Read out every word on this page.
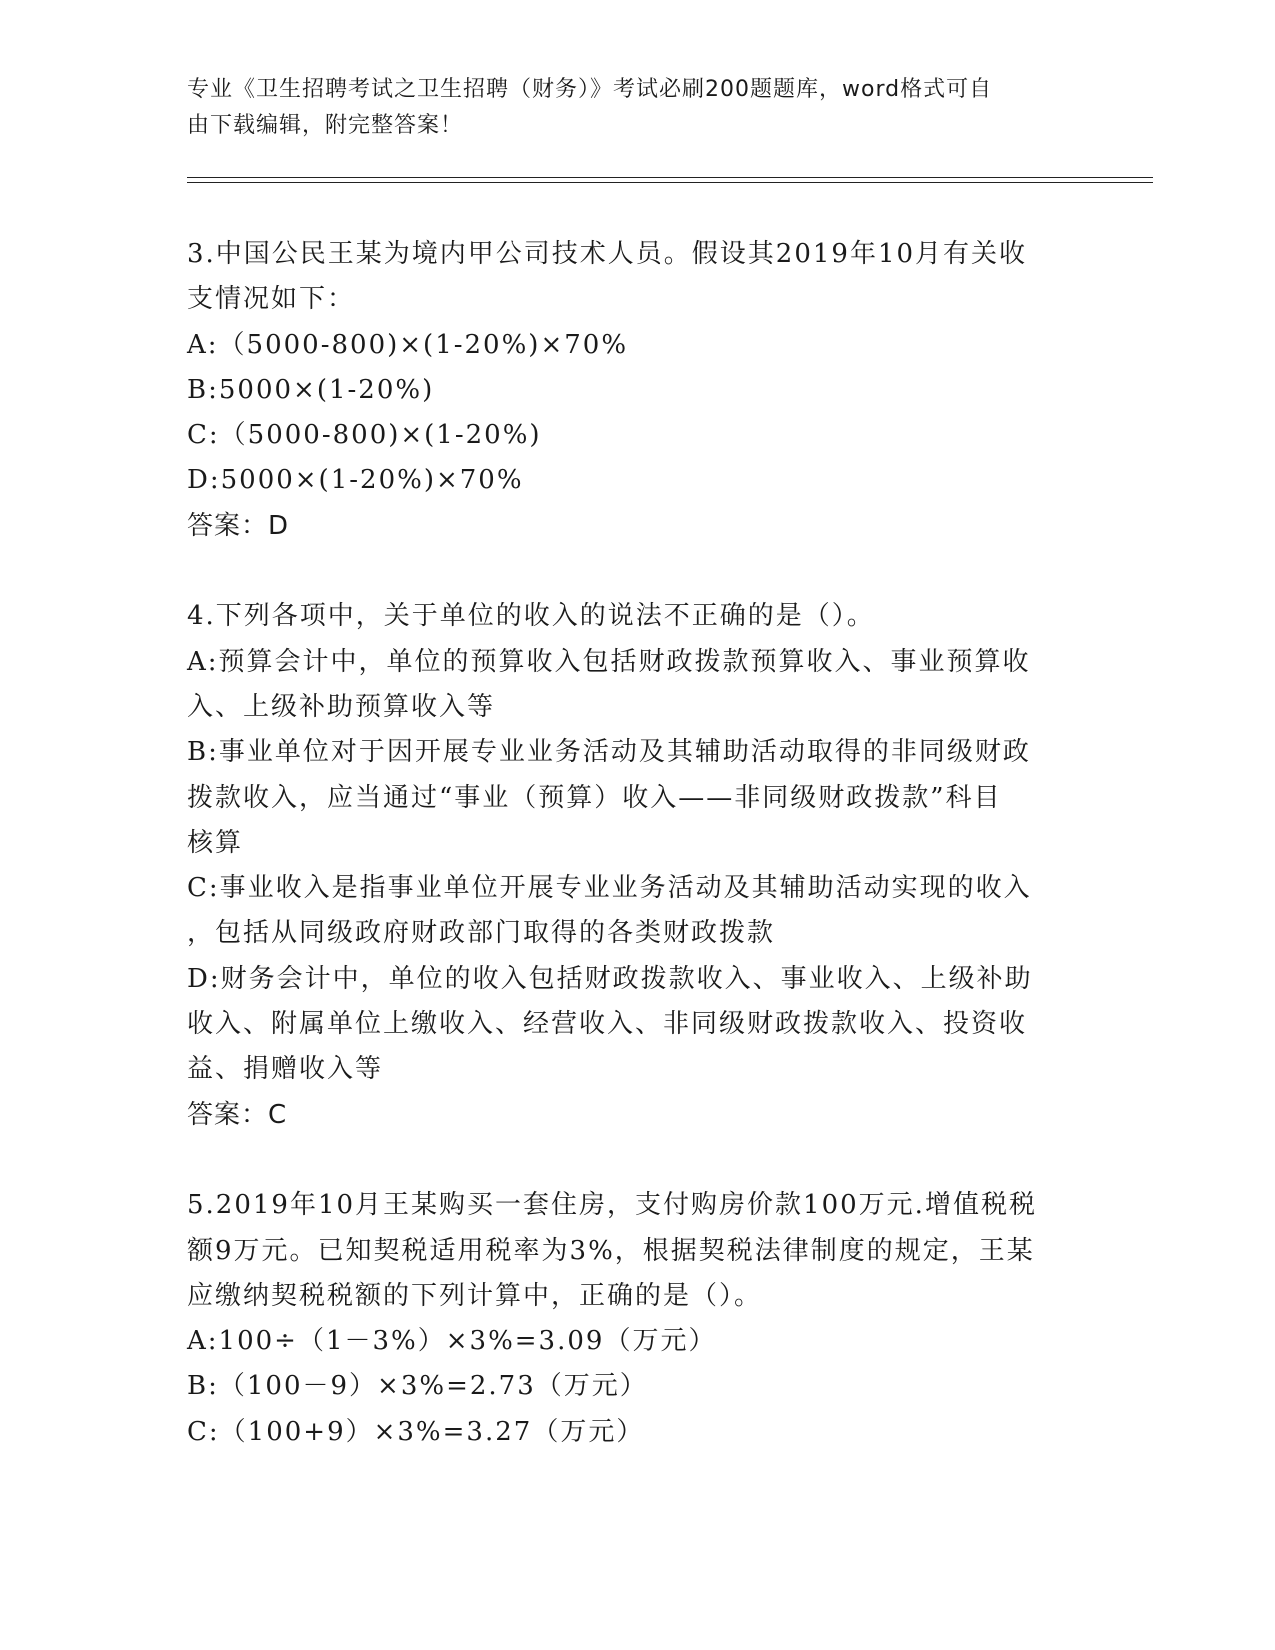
专业《卫生招聘考试之卫生招聘（财务）》考试必刷200题题库，word格式可自
由下载编辑，附完整答案！
3.中国公民王某为境内甲公司技术人员。假设其2019年10月有关收
支情况如下：
A:（5000-800)×(1-20%)×70%
B:5000×(1-20%)
C:（5000-800)×(1-20%)
D:5000×(1-20%)×70%
答案：D
4.下列各项中，关于单位的收入的说法不正确的是（）。
A:预算会计中，单位的预算收入包括财政拨款预算收入、事业预算收
入、上级补助预算收入等
B:事业单位对于因开展专业业务活动及其辅助活动取得的非同级财政
拨款收入，应当通过“事业（预算）收入——非同级财政拨款”科目
核算
C:事业收入是指事业单位开展专业业务活动及其辅助活动实现的收入
，包括从同级政府财政部门取得的各类财政拨款
D:财务会计中，单位的收入包括财政拨款收入、事业收入、上级补助
收入、附属单位上缴收入、经营收入、非同级财政拨款收入、投资收
益、捐赠收入等
答案：C
5.2019年10月王某购买一套住房，支付购房价款100万元.增值税税
额9万元。已知契税适用税率为3%，根据契税法律制度的规定，王某
应缴纳契税税额的下列计算中，正确的是（）。
A:100÷（1－3%）×3%=3.09（万元）
B:（100－9）×3%=2.73（万元）
C:（100+9）×3%=3.27（万元）
